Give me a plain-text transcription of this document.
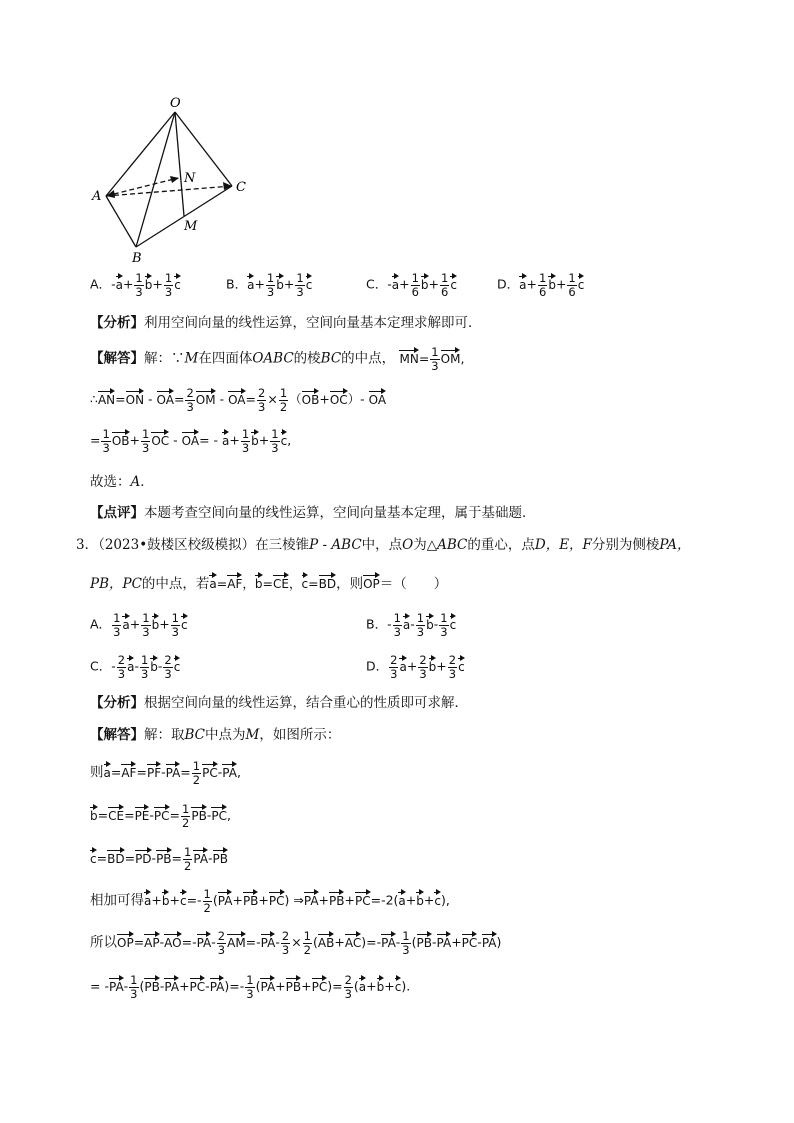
O
A
B
C
N
M
A．$-a+ \frac{1}{3} b+ \frac{1}{3}$ c	B．$a+ \frac{1}{3} b+ \frac{1}{3}$ c	C．$-a+ \frac{1}{6} b+ \frac{1}{6}$ c	D．$a+ \frac{1}{6} b+ \frac{1}{6}$ c
【分析】利用空间向量的线性运算，空间向量基本定理求解即可．
【解答】解：∵M在四面体OABC的棱BC的中点， $MN= \frac{1}{3}$ OM,
∴AN=ON - $OA= \frac{2}{3}$ OM - $OA= \frac{2}{3} \times \frac{1}{2} (OB+OC)-$ OA
= $\frac{1}{3} OB+ \frac{1}{3}$ OC - $OA= - a+ \frac{1}{3} b+ \frac{1}{3} c$,
故选：A．
【点评】本题考查空间向量的线性运算，空间向量基本定理，属于基础题．
3．（2023•鼓楼区校级模拟）在三棱锥P - ABC中，点O为△ABC的重心，点D，E，F分别为侧棱PA，
PB，PC的中点，若a=AF，b=CE，c=BD，则OP＝（　　）
A． $\frac{1}{3} a+ \frac{1}{3} b+ \frac{1}{3}$ c	B．- $\frac{1}{3} a- \frac{1}{3} b- \frac{1}{3}$ c
C．- $\frac{2}{3} a- \frac{1}{3} b- \frac{2}{3}$ c	D． $\frac{2}{3} a+ \frac{2}{3} b+ \frac{2}{3}$ c
【分析】根据空间向量的线性运算，结合重心的性质即可求解．
【解答】解：取BC中点为M，如图所示：
则$a=AF=PF-PA= \frac{1}{2} PC-PA$,
$b=CE=PE-PC= \frac{1}{2} PB-PC$,
$c=BD=PD-PB= \frac{1}{2} PA-PB$
相加可得$a+b+c=- \frac{1}{2} (PA+PB+PC)$ ⇒PA+PB+PC=-2(a+b+c),
所以$OP=AP-AO=-PA- \frac{2}{3} AM=-PA- \frac{2}{3} \times \frac{1}{2} (AB+AC)=-PA- \frac{1}{3} (PB-PA+PC-PA)$
= $-PA- \frac{1}{3} (PB-PA+PC-PA)=- \frac{1}{3} (PA+PB+PC)= \frac{2}{3} (a+b+c)$.
